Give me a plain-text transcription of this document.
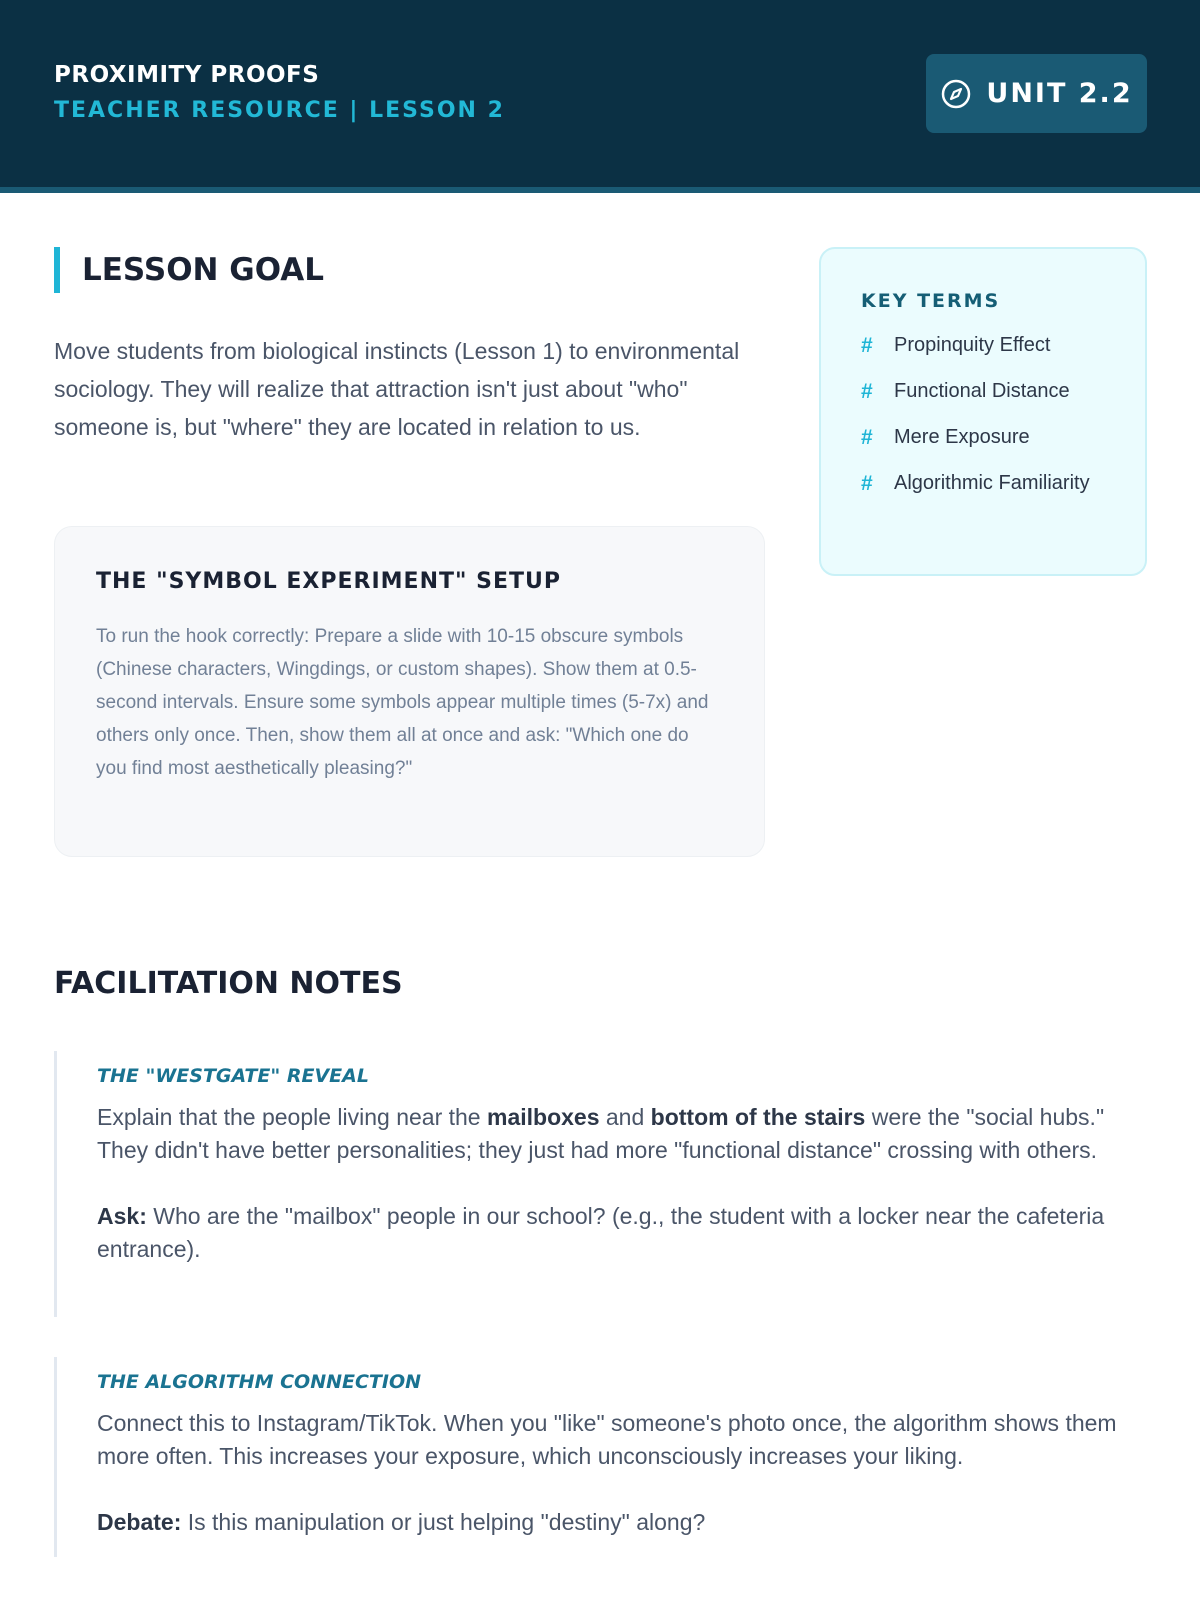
PROXIMITY PROOFS
TEACHER RESOURCE | LESSON 2
UNIT 2.2
LESSON GOAL

Move students from biological instincts (Lesson 1) to environmental sociology. They will realize that attraction isn't just about "who" someone is, but "where" they are located in relation to us.

THE "SYMBOL EXPERIMENT" SETUP

To run the hook correctly: Prepare a slide with 10-15 obscure symbols (Chinese characters, Wingdings, or custom shapes). Show them at 0.5-second intervals. Ensure some symbols appear multiple times (5-7x) and others only once. Then, show them all at once and ask: "Which one do you find most aesthetically pleasing?"

KEY TERMS
#	Propinquity Effect
#	Functional Distance
#	Mere Exposure
#	Algorithmic Familiarity
FACILITATION NOTES
THE "WESTGATE" REVEAL

Explain that the people living near the mailboxes and bottom of the stairs were the "social hubs." They didn't have better personalities; they just had more "functional distance" crossing with others.

Ask: Who are the "mailbox" people in our school? (e.g., the student with a locker near the cafeteria entrance).

THE ALGORITHM CONNECTION

Connect this to Instagram/TikTok. When you "like" someone's photo once, the algorithm shows them more often. This increases your exposure, which unconsciously increases your liking.

Debate: Is this manipulation or just helping "destiny" along?
